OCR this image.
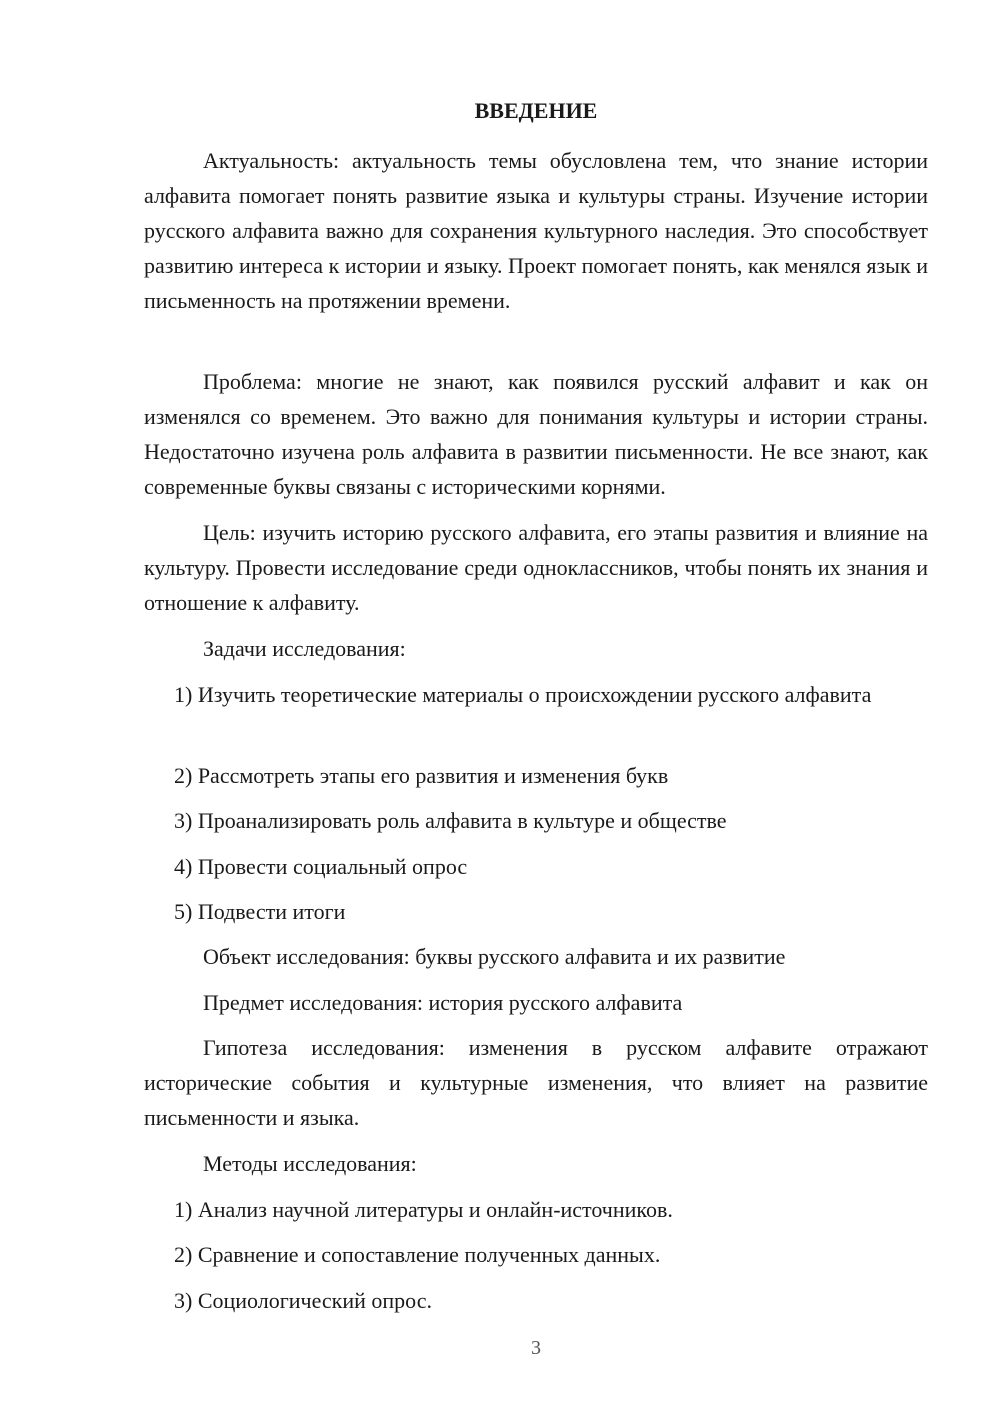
ВВЕДЕНИЕ

Актуальность: актуальность темы обусловлена тем, что знание истории алфавита помогает понять развитие языка и культуры страны. Изучение истории русского алфавита важно для сохранения культурного наследия. Это способствует развитию интереса к истории и языку. Проект помогает понять, как менялся язык и письменность на протяжении времени.

Проблема: многие не знают, как появился русский алфавит и как он изменялся со временем. Это важно для понимания культуры и истории страны. Недостаточно изучена роль алфавита в развитии письменности. Не все знают, как современные буквы связаны с историческими корнями.

Цель: изучить историю русского алфавита, его этапы развития и влияние на культуру. Провести исследование среди одноклассников, чтобы понять их знания и отношение к алфавиту.

Задачи исследования:

1) Изучить теоретические материалы о происхождении русского алфавита

2) Рассмотреть этапы его развития и изменения букв

3) Проанализировать роль алфавита в культуре и обществе

4) Провести социальный опрос

5) Подвести итоги

Объект исследования: буквы русского алфавита и их развитие

Предмет исследования: история русского алфавита

Гипотеза исследования: изменения в русском алфавите отражают исторические события и культурные изменения, что влияет на развитие письменности и языка.

Методы исследования:

1) Анализ научной литературы и онлайн-источников.

2) Сравнение и сопоставление полученных данных.

3) Социологический опрос.

3
